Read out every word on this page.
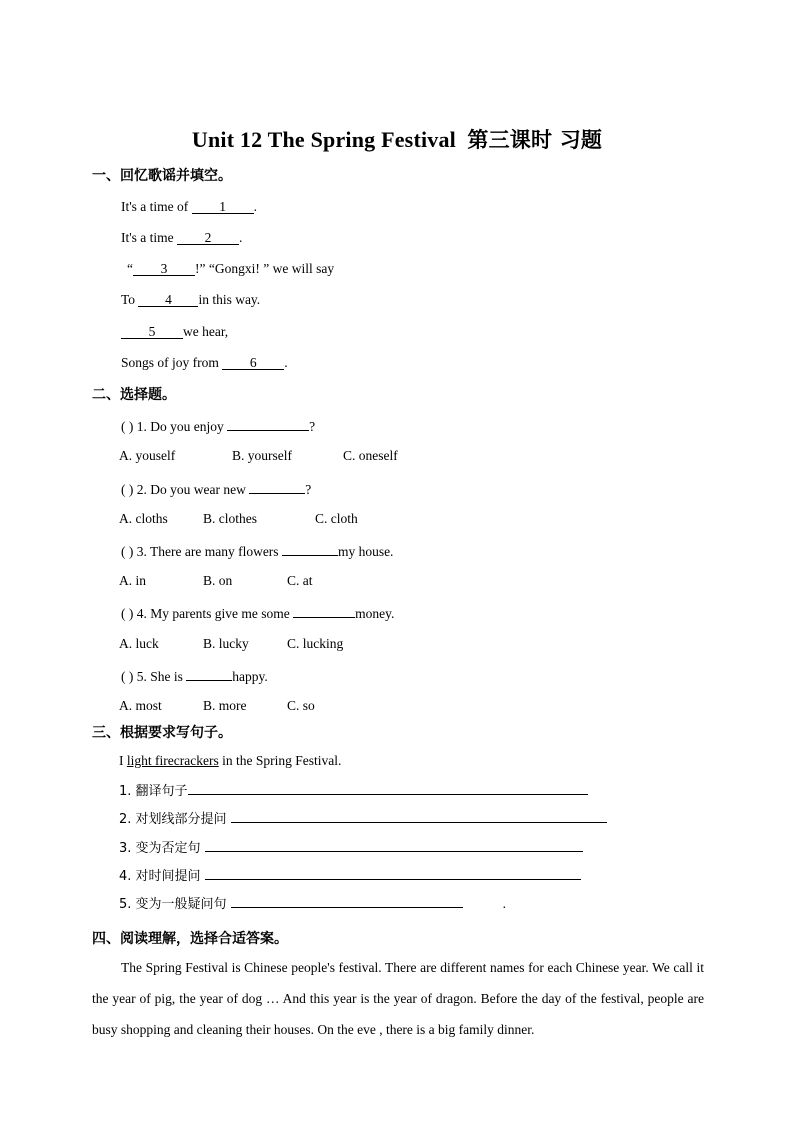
Unit 12 The Spring Festival 第三课时 习题
一、回忆歌谣并填空。
It's a time of 1 .
It's a time 2 .
“ 3 !” “Gongxi! ” we will say
To 4 in this way.
5 we hear,
Songs of joy from 6 .
二、选择题。
( ) 1. Do you enjoy	?
A. youself	B. yourself	C. oneself
( ) 2. Do you wear new	?
A. cloths	B. clothes	C. cloth
( ) 3. There are many flowers	my house.
A. in	B. on	C. at
( ) 4. My parents give me some	money.
A. luck	B. lucky	C. lucking
( ) 5. She is	happy.
A. most	B. more	C. so
三、根据要求写句子。
I light firecrackers in the Spring Festival.
1. 翻译句子
2. 对划线部分提问
3. 变为否定句
4. 对时间提问
5. 变为一般疑问句	.
四、阅读理解，选择合适答案。
The Spring Festival is Chinese people's festival. There are different names for each Chinese year. We call it the year of pig, the year of dog … And this year is the year of dragon. Before the day of the festival, people are busy shopping and cleaning their houses. On the eve , there is a big family dinner.
